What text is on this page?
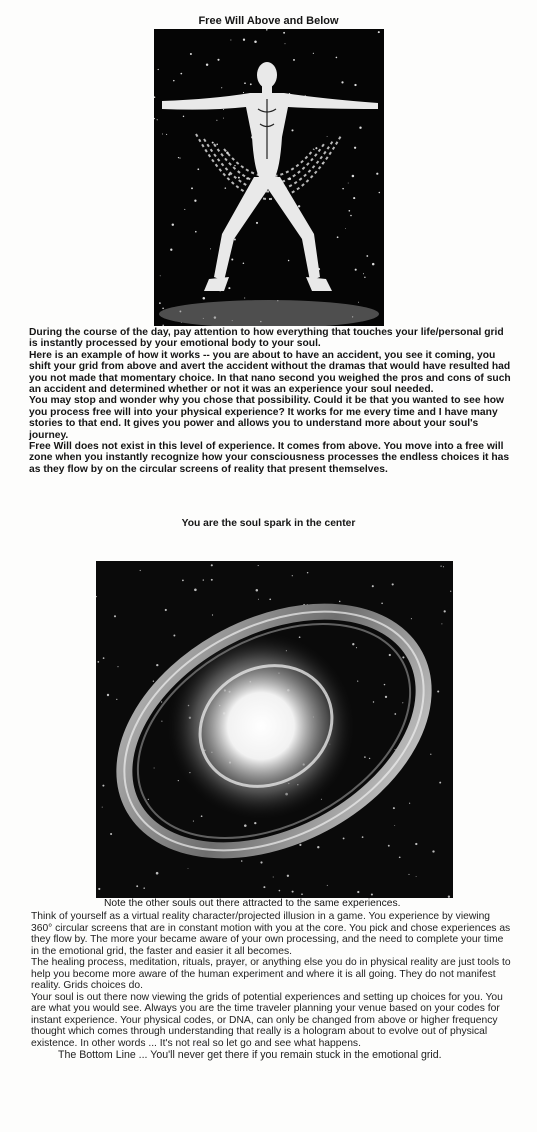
Free Will Above and Below

During the course of the day, pay attention to how everything that touches your life/personal grid is instantly processed by your emotional body to your soul.

Here is an example of how it works -- you are about to have an accident, you see it coming, you shift your grid from above and avert the accident without the dramas that would have resulted had you not made that momentary choice. In that nano second you weighed the pros and cons of such an accident and determined whether or not it was an experience your soul needed.

You may stop and wonder why you chose that possibility. Could it be that you wanted to see how you process free will into your physical experience? It works for me every time and I have many stories to that end. It gives you power and allows you to understand more about your soul's journey.

Free Will does not exist in this level of experience. It comes from above. You move into a free will zone when you instantly recognize how your consciousness processes the endless choices it has as they flow by on the circular screens of reality that present themselves.

You are the soul spark in the center
Note the other souls out there attracted to the same experiences.

Think of yourself as a virtual reality character/projected illusion in a game. You experience by viewing 360° circular screens that are in constant motion with you at the core. You pick and chose experiences as they flow by. The more your became aware of your own processing, and the need to complete your time in the emotional grid, the faster and easier it all becomes.

The healing process, meditation, rituals, prayer, or anything else you do in physical reality are just tools to help you become more aware of the human experiment and where it is all going. They do not manifest reality. Grids choices do.

Your soul is out there now viewing the grids of potential experiences and setting up choices for you. You are what you would see. Always you are the time traveler planning your venue based on your codes for instant experience. Your physical codes, or DNA, can only be changed from above or higher frequency thought which comes through understanding that really is a hologram about to evolve out of physical existence. In other words ... It's not real so let go and see what happens.

The Bottom Line ... You'll never get there if you remain stuck in the emotional grid.
